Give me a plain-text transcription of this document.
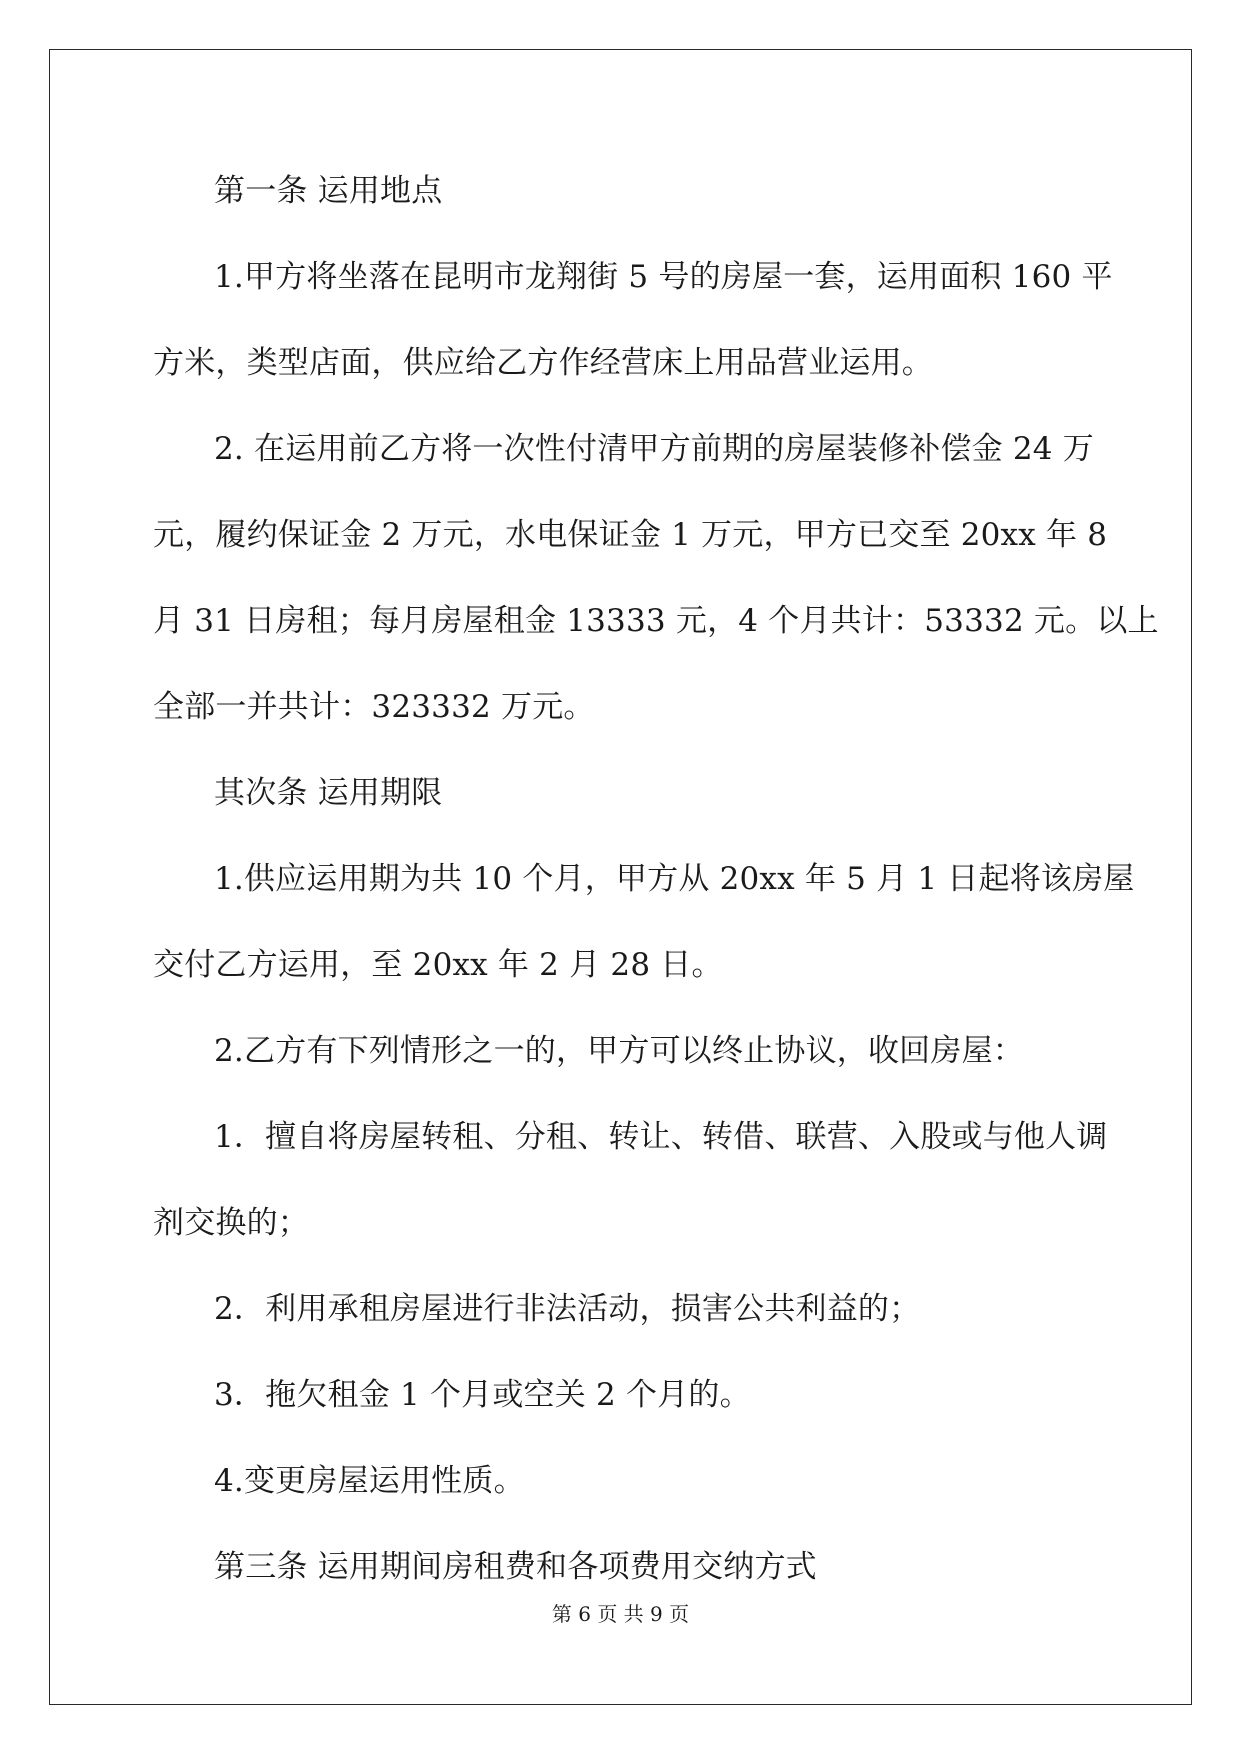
第一条 运用地点
1.甲方将坐落在昆明市龙翔街 5 号的房屋一套，运用面积 160 平
方米，类型店面，供应给乙方作经营床上用品营业运用。
2. 在运用前乙方将一次性付清甲方前期的房屋装修补偿金 24 万
元，履约保证金 2 万元，水电保证金 1 万元，甲方已交至 20xx 年 8
月 31 日房租；每月房屋租金 13333 元，4 个月共计：53332 元。以上
全部一并共计：323332 万元。
其次条 运用期限
1.供应运用期为共 10 个月，甲方从 20xx 年 5 月 1 日起将该房屋
交付乙方运用，至 20xx 年 2 月 28 日。
2.乙方有下列情形之一的，甲方可以终止协议，收回房屋：
1．擅自将房屋转租、分租、转让、转借、联营、入股或与他人调
剂交换的；
2．利用承租房屋进行非法活动，损害公共利益的；
3．拖欠租金 1 个月或空关 2 个月的。
4.变更房屋运用性质。
第三条 运用期间房租费和各项费用交纳方式
第 6 页 共 9 页
